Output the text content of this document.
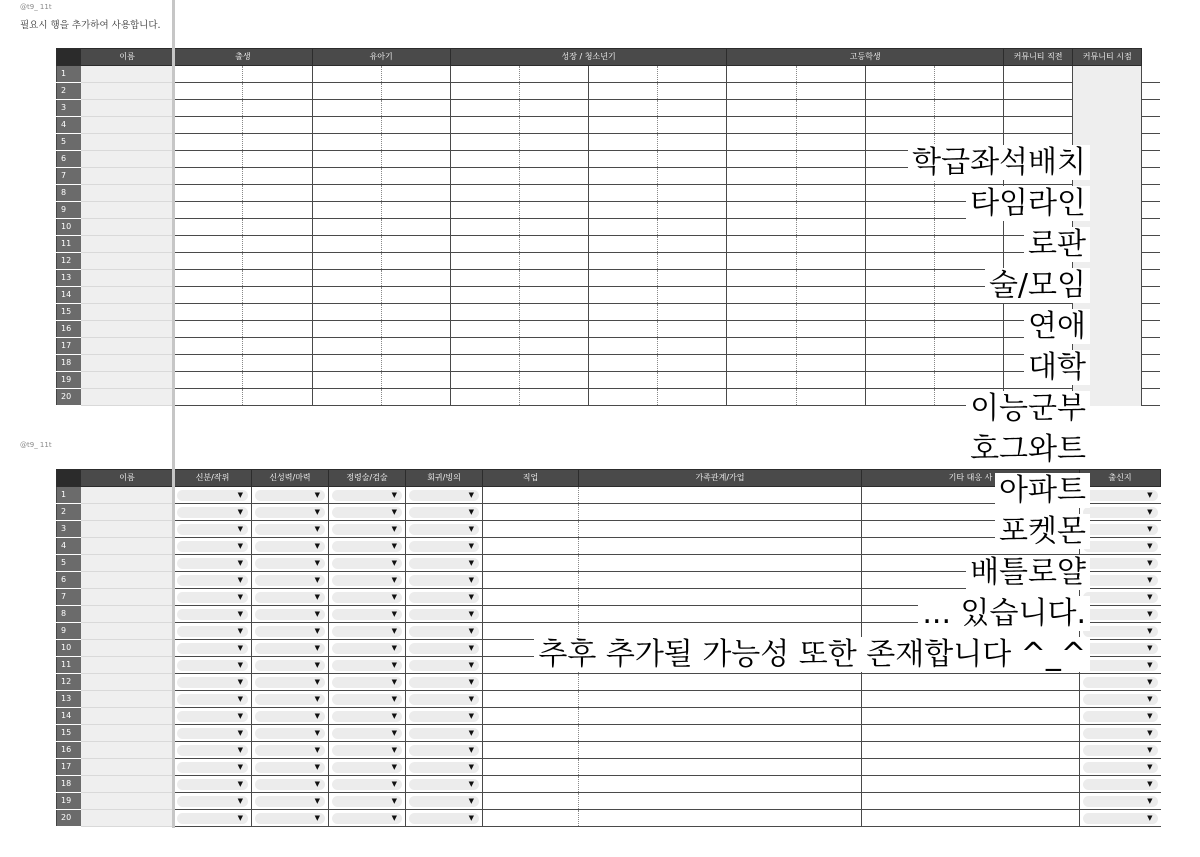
@t9_ 11t
필요시 행을 추가하여 사용합니다.
@t9_ 11t
	이름	출생		유아기		성장 / 청소년기				고등학생				커뮤니티 직전	커뮤니티 시점	
1																
2																
3																
4																
5																
6																
7																
8																
9																
10																
11																
12																
13																
14																
15																
16																
17																
18																
19																
20																
	이름	신분/작위	신성력/마력	정령술/검술	회귀/빙의	직업	가족관계/가업	기타 대응 사	출신지
1		▼	▼	▼	▼				▼

2		▼	▼	▼	▼				▼

3		▼	▼	▼	▼				▼

4		▼	▼	▼	▼				▼

5		▼	▼	▼	▼				▼

6		▼	▼	▼	▼				▼

7		▼	▼	▼	▼				▼

8		▼	▼	▼	▼				▼

9		▼	▼	▼	▼				▼

10		▼	▼	▼	▼				▼

11		▼	▼	▼	▼				▼

12		▼	▼	▼	▼				▼

13		▼	▼	▼	▼				▼

14		▼	▼	▼	▼				▼

15		▼	▼	▼	▼				▼

16		▼	▼	▼	▼				▼

17		▼	▼	▼	▼				▼

18		▼	▼	▼	▼				▼

19		▼	▼	▼	▼				▼

20		▼	▼	▼	▼				▼
학급좌석배치
타임라인
로판
술/모임
연애
대학
이능군부
호그와트
아파트
포켓몬
배틀로얄
... 있습니다.
추후 추가될 가능성 또한 존재합니다 ^_^
